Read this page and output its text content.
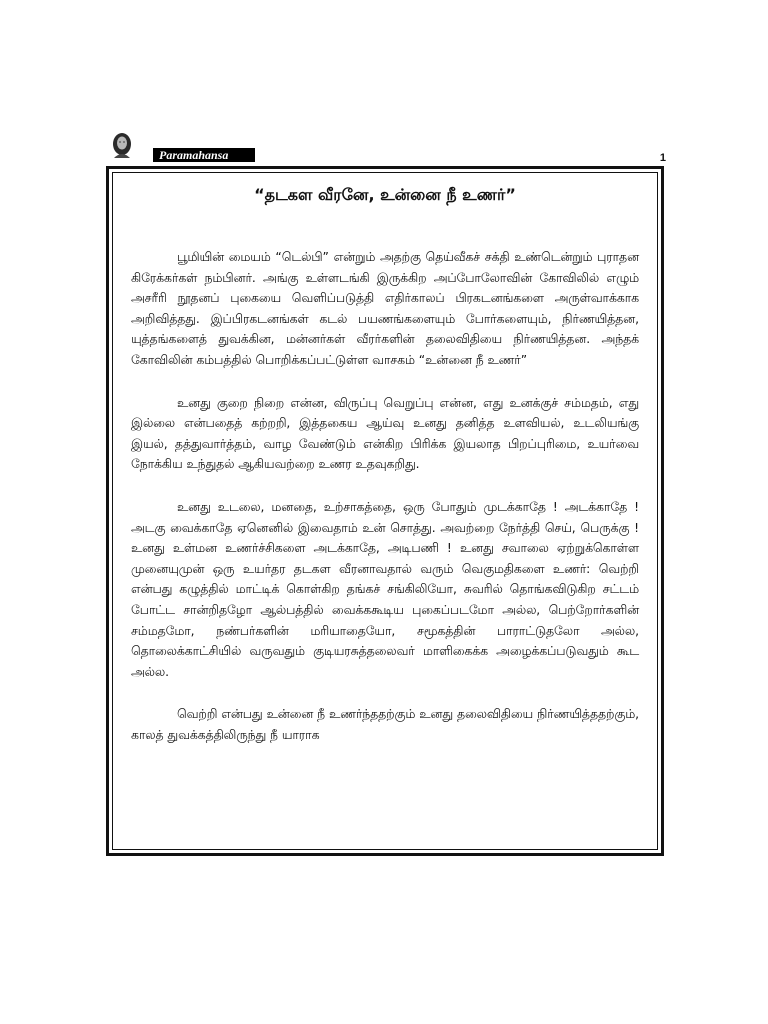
Paramahansa	1
“தடகள வீரனே, உன்னை நீ உணர்”

பூமியின் மையம் “டெல்பி” என்றும் அதற்கு தெய்வீகச் சக்தி உண்டென்றும் புராதன கிரேக்கர்கள் நம்பினர். அங்கு உள்ளடங்கி இருக்கிற அப்போலோவின் கோவிலில் எழும் அசரீரி நூதனப் புகையை வெளிப்படுத்தி எதிர்காலப் பிரகடனங்களை அருள்வாக்காக அறிவித்தது. இப்பிரகடனங்கள் கடல் பயணங்களையும் போர்களையும், நிர்ணயித்தன, யுத்தங்களைத் துவக்கின, மன்னர்கள் வீரர்களின் தலைவிதியை நிர்ணயித்தன. அந்தக் கோவிலின் கம்பத்தில் பொறிக்கப்பட்டுள்ள வாசகம் “உன்னை நீ உணர்”

உனது குறை நிறை என்ன, விருப்பு வெறுப்பு என்ன, எது உனக்குச் சம்மதம், எது இல்லை என்பதைத் கற்றறி, இத்தகைய ஆய்வு உனது தனித்த உளவியல், உடலியங்கு இயல், தத்துவார்த்தம், வாழ வேண்டும் என்கிற பிரிக்க இயலாத பிறப்புரிமை, உயர்வை நோக்கிய உந்துதல் ஆகியவற்றை உணர உதவுகறிது.

உனது உடலை, மனதை, உற்சாகத்தை, ஒரு போதும் முடக்காதே ! அடக்காதே ! அடகு வைக்காதே ஏனெனில் இவைதாம் உன் சொத்து. அவற்றை நேர்த்தி செய், பெருக்கு ! உனது உள்மன உணர்ச்சிகளை அடக்காதே, அடிபணி ! உனது சவாலை ஏற்றுக்கொள்ள முனையுமுன் ஒரு உயர்தர தடகள வீரனாவதால் வரும் வெகுமதிகளை உணர்: வெற்றி என்பது கழுத்தில் மாட்டிக் கொள்கிற தங்கச் சங்கிலியோ, சுவரில் தொங்கவிடுகிற சட்டம் போட்ட சான்றிதழோ ஆல்பத்தில் வைக்ககூடிய புகைப்படமோ அல்ல, பெற்றோர்களின் சம்மதமோ, நண்பர்களின் மரியாதையோ, சமூகத்தின் பாராட்டுதலோ அல்ல, தொலைக்காட்சியில் வருவதும் குடியரசுத்தலைவர் மாளிகைக்க அழைக்கப்படுவதும் கூட அல்ல.

வெற்றி என்பது உன்னை நீ உணர்ந்ததற்கும் உனது தலைவிதியை நிர்ணயித்ததற்கும், காலத் துவக்கத்திலிருந்து நீ யாராக
